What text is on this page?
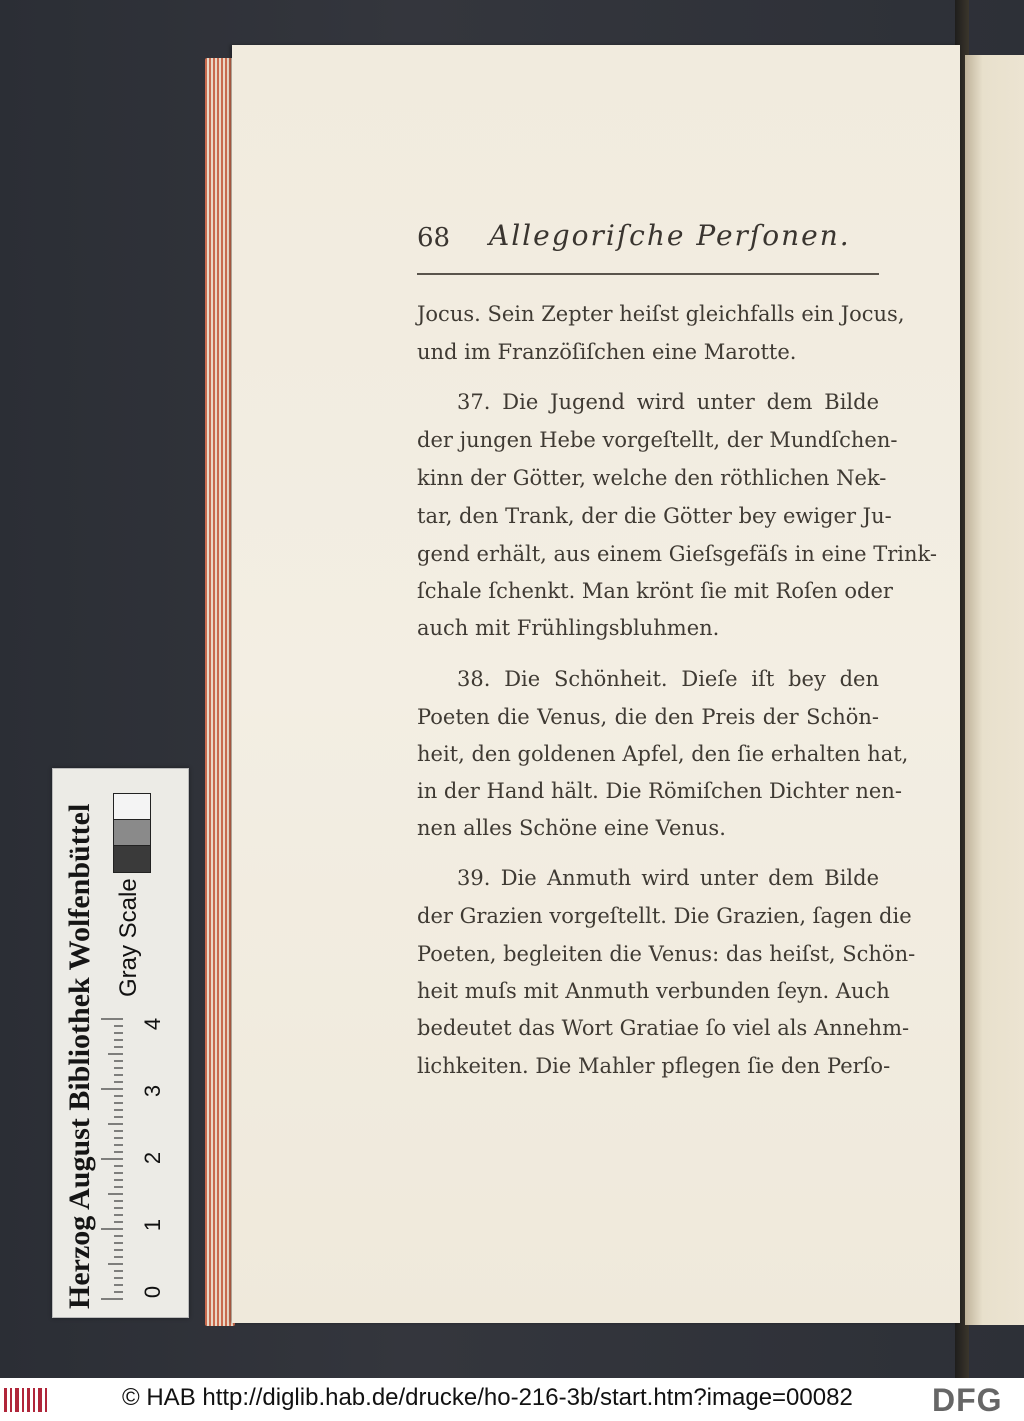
68 Allegoriſche Perſonen.
Jocus. Sein Zepter heiſst gleichfalls ein Jocus,
und im Franzöſiſchen eine Marotte.
37. Die Jugend wird unter dem Bilde
der jungen Hebe vorgeſtellt, der Mundſchen-
kinn der Götter, welche den röthlichen Nek-
tar, den Trank, der die Götter bey ewiger Ju-
gend erhält, aus einem Gieſsgefäſs in eine Trink-
ſchale ſchenkt. Man krönt ſie mit Roſen oder
auch mit Frühlingsbluhmen.
38. Die Schönheit. Dieſe iſt bey den
Poeten die Venus, die den Preis der Schön-
heit, den goldenen Apfel, den ſie erhalten hat,
in der Hand hält. Die Römiſchen Dichter nen-
nen alles Schöne eine Venus.
39. Die Anmuth wird unter dem Bilde
der Grazien vorgeſtellt. Die Grazien, ſagen die
Poeten, begleiten die Venus: das heiſst, Schön-
heit muſs mit Anmuth verbunden ſeyn. Auch
bedeutet das Wort Gratiae ſo viel als Annehm-
lichkeiten. Die Mahler pflegen ſie den Perſo-
Herzog August Bibliothek Wolfenbüttel Gray Scale
0
1
2
3
4
© HAB http://diglib.hab.de/drucke/ho-216-3b/start.htm?image=00082 DFG
